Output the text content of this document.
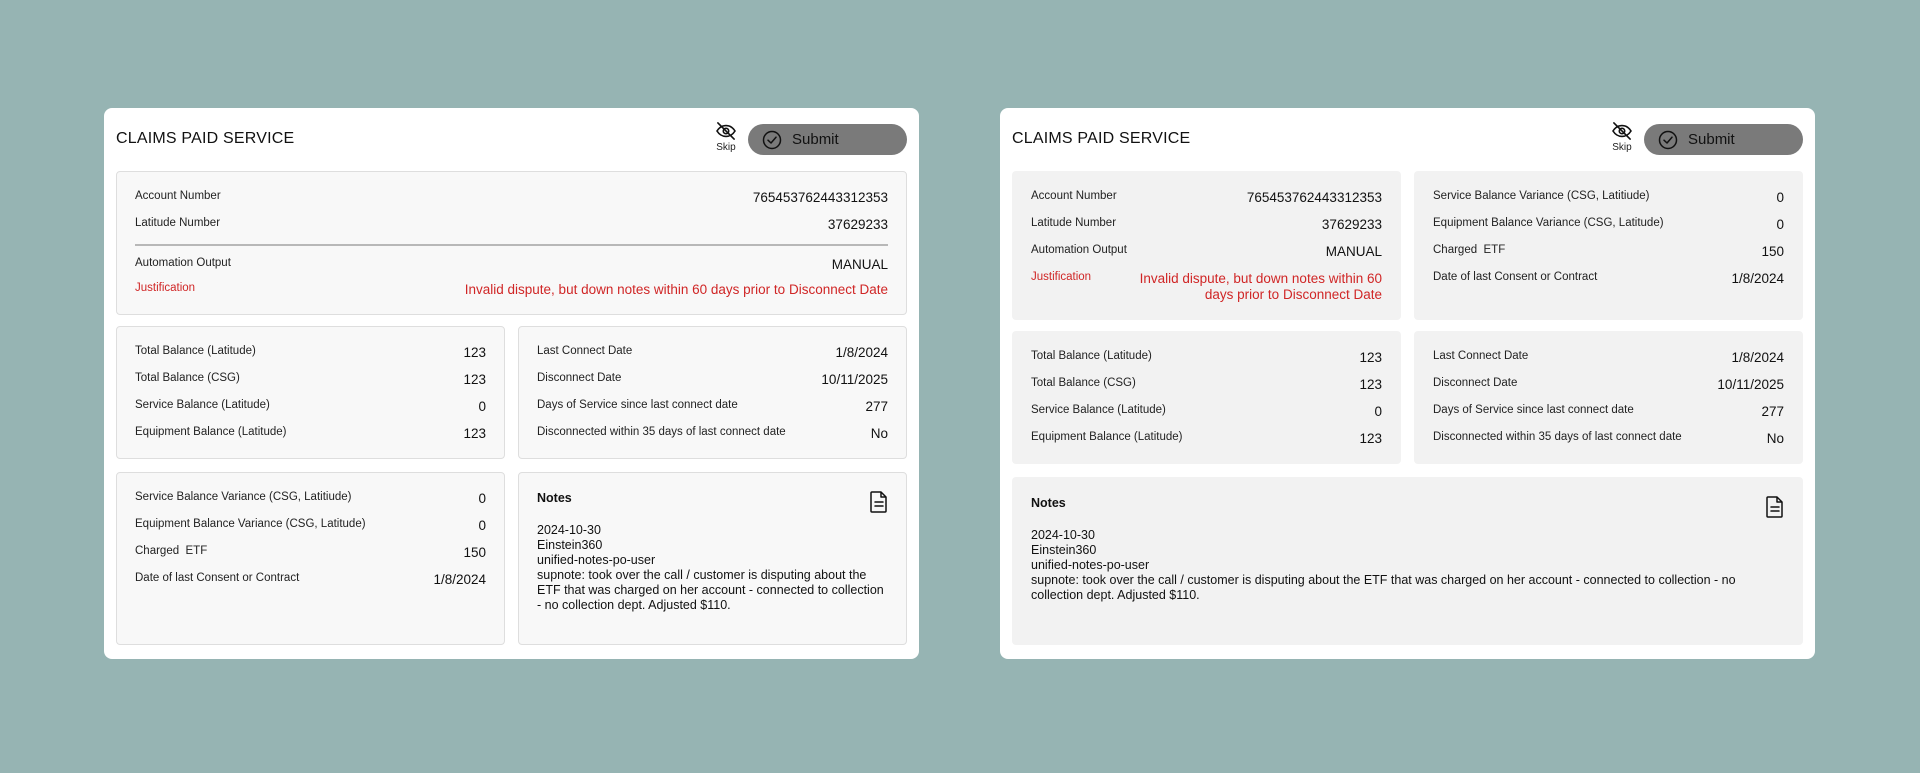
CLAIMS PAID SERVICE
Skip	Submit
Account Number	765453762443312353
Latitude Number	37629233
Automation Output	MANUAL
Justification	Invalid dispute, but down notes within 60 days prior to Disconnect Date
Total Balance (Latitude)	123
Total Balance (CSG)	123
Service Balance (Latitude)	0
Equipment Balance (Latitude)	123
Last Connect Date	1/8/2024
Disconnect Date	10/11/2025
Days of Service since last connect date	277
Disconnected within 35 days of last connect date	No
Service Balance Variance (CSG, Latitiude)	0
Equipment Balance Variance (CSG, Latitude)	0
Charged  ETF	150
Date of last Consent or Contract	1/8/2024
Notes
2024-10-30
Einstein360
unified-notes-po-user
supnote: took over the call / customer is disputing about the ETF that was charged on her account - connected to collection - no collection dept. Adjusted $110.
CLAIMS PAID SERVICE
Skip	Submit
Account Number	765453762443312353
Latitude Number	37629233
Automation Output	MANUAL
Justification	Invalid dispute, but down notes within 60 days prior to Disconnect Date
Service Balance Variance (CSG, Latitiude)	0
Equipment Balance Variance (CSG, Latitude)	0
Charged  ETF	150
Date of last Consent or Contract	1/8/2024
Total Balance (Latitude)	123
Total Balance (CSG)	123
Service Balance (Latitude)	0
Equipment Balance (Latitude)	123
Last Connect Date	1/8/2024
Disconnect Date	10/11/2025
Days of Service since last connect date	277
Disconnected within 35 days of last connect date	No
Notes
2024-10-30
Einstein360
unified-notes-po-user
supnote: took over the call / customer is disputing about the ETF that was charged on her account - connected to collection - no collection dept. Adjusted $110.
